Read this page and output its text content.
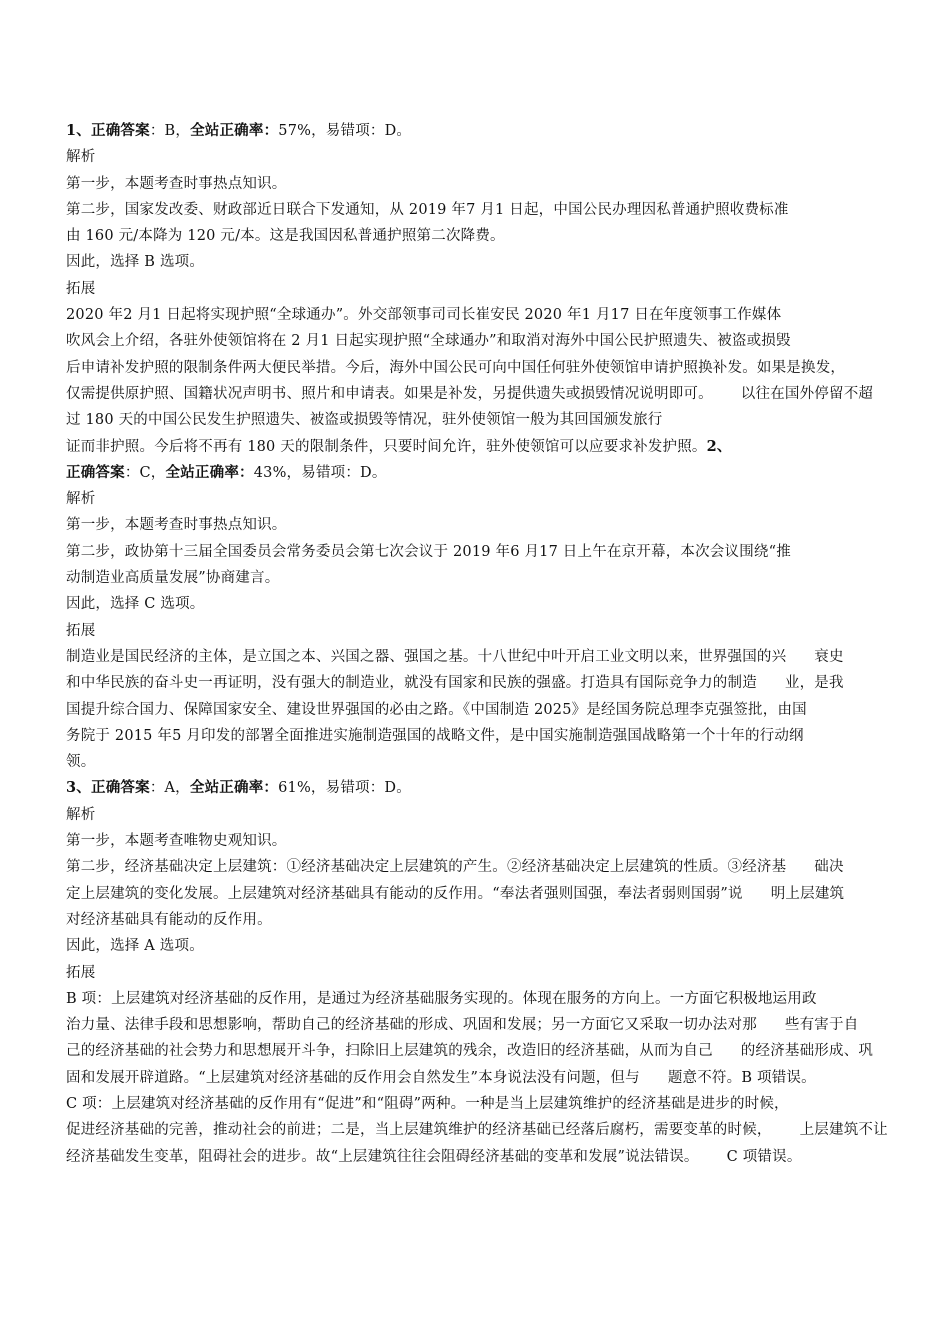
1、正确答案：B，全站正确率：57%，易错项：D。
解析
第一步，本题考查时事热点知识。
第二步，国家发改委、财政部近日联合下发通知，从 2019 年7 月1 日起，中国公民办理因私普通护照收费标准
由 160 元/本降为 120 元/本。这是我国因私普通护照第二次降费。
因此，选择 B 选项。
拓展
2020 年2 月1 日起将实现护照“全球通办”。外交部领事司司长崔安民 2020 年1 月17 日在年度领事工作媒体
吹风会上介绍，各驻外使领馆将在 2 月1 日起实现护照“全球通办”和取消对海外中国公民护照遗失、被盗或损毁
后申请补发护照的限制条件两大便民举措。今后，海外中国公民可向中国任何驻外使领馆申请护照换补发。如果是换发，
仅需提供原护照、国籍状况声明书、照片和申请表。如果是补发，另提供遗失或损毁情况说明即可。 以往在国外停留不超
过 180 天的中国公民发生护照遗失、被盗或损毁等情况，驻外使领馆一般为其回国颁发旅行
证而非护照。今后将不再有 180 天的限制条件，只要时间允许，驻外使领馆可以应要求补发护照。2、
正确答案：C，全站正确率：43%，易错项：D。
解析
第一步，本题考查时事热点知识。
第二步，政协第十三届全国委员会常务委员会第七次会议于 2019 年6 月17 日上午在京开幕，本次会议围绕“推
动制造业高质量发展”协商建言。
因此，选择 C 选项。
拓展
制造业是国民经济的主体，是立国之本、兴国之器、强国之基。十八世纪中叶开启工业文明以来，世界强国的兴 衰史
和中华民族的奋斗史一再证明，没有强大的制造业，就没有国家和民族的强盛。打造具有国际竞争力的制造 业，是我
国提升综合国力、保障国家安全、建设世界强国的必由之路。《中国制造 2025》是经国务院总理李克强签批，由国
务院于 2015 年5 月印发的部署全面推进实施制造强国的战略文件，是中国实施制造强国战略第一个十年的行动纲
领。
3、正确答案：A，全站正确率：61%，易错项：D。
解析
第一步，本题考查唯物史观知识。
第二步，经济基础决定上层建筑：①经济基础决定上层建筑的产生。②经济基础决定上层建筑的性质。③经济基 础决
定上层建筑的变化发展。上层建筑对经济基础具有能动的反作用。“奉法者强则国强，奉法者弱则国弱”说 明上层建筑
对经济基础具有能动的反作用。
因此，选择 A 选项。
拓展
B 项：上层建筑对经济基础的反作用，是通过为经济基础服务实现的。体现在服务的方向上。一方面它积极地运用政
治力量、法律手段和思想影响，帮助自己的经济基础的形成、巩固和发展；另一方面它又采取一切办法对那 些有害于自
己的经济基础的社会势力和思想展开斗争，扫除旧上层建筑的残余，改造旧的经济基础，从而为自己 的经济基础形成、巩
固和发展开辟道路。“上层建筑对经济基础的反作用会自然发生”本身说法没有问题，但与 题意不符。B 项错误。
C 项：上层建筑对经济基础的反作用有“促进”和“阻碍”两种。一种是当上层建筑维护的经济基础是进步的时候，
促进经济基础的完善，推动社会的前进；二是，当上层建筑维护的经济基础已经落后腐朽，需要变革的时候， 上层建筑不让
经济基础发生变革，阻碍社会的进步。故“上层建筑往往会阻碍经济基础的变革和发展”说法错误。 C 项错误。
